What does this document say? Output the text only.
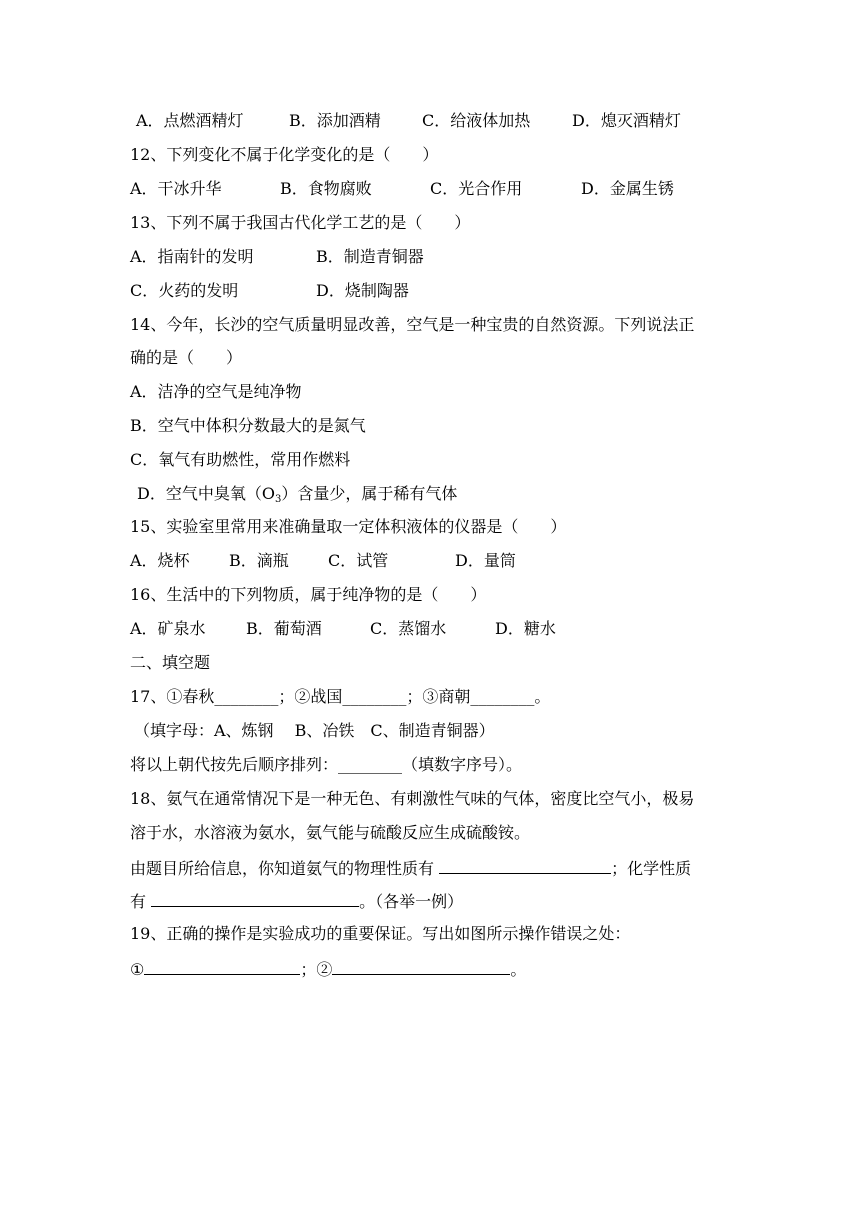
A．点燃酒精灯	B．添加酒精	C．给液体加热	D．熄灭酒精灯
12、下列变化不属于化学变化的是（　　）
A．干冰升华	B．食物腐败	C．光合作用	D．金属生锈
13、下列不属于我国古代化学工艺的是（　　）
A．指南针的发明	B．制造青铜器
C．火药的发明	D．烧制陶器
14、今年，长沙的空气质量明显改善，空气是一种宝贵的自然资源。下列说法正
确的是（　　）
A．洁净的空气是纯净物
B．空气中体积分数最大的是氮气
C．氧气有助燃性，常用作燃料
D．空气中臭氧$(O_3)$含量少，属于稀有气体
15、实验室里常用来准确量取一定体积液体的仪器是（　　）
A．烧杯 B．滴瓶 C．试管	D．量筒
16、生活中的下列物质，属于纯净物的是（　　）
A．矿泉水	B．葡萄酒	C．蒸馏水	D．糖水
二、填空题
17、①春秋________；②战国________；③商朝________。
（填字母：A、炼钢　 B、冶铁　C、制造青铜器）
将以上朝代按先后顺序排列：________（填数字序号）。
18、氨气在通常情况下是一种无色、有刺激性气味的气体，密度比空气小，极易
溶于水，水溶液为氨水，氨气能与硫酸反应生成硫酸铵。
由题目所给信息，你知道氨气的物理性质有	；化学性质
有	。（各举一例）
19、正确的操作是实验成功的重要保证。写出如图所示操作错误之处：
①	；②	。
